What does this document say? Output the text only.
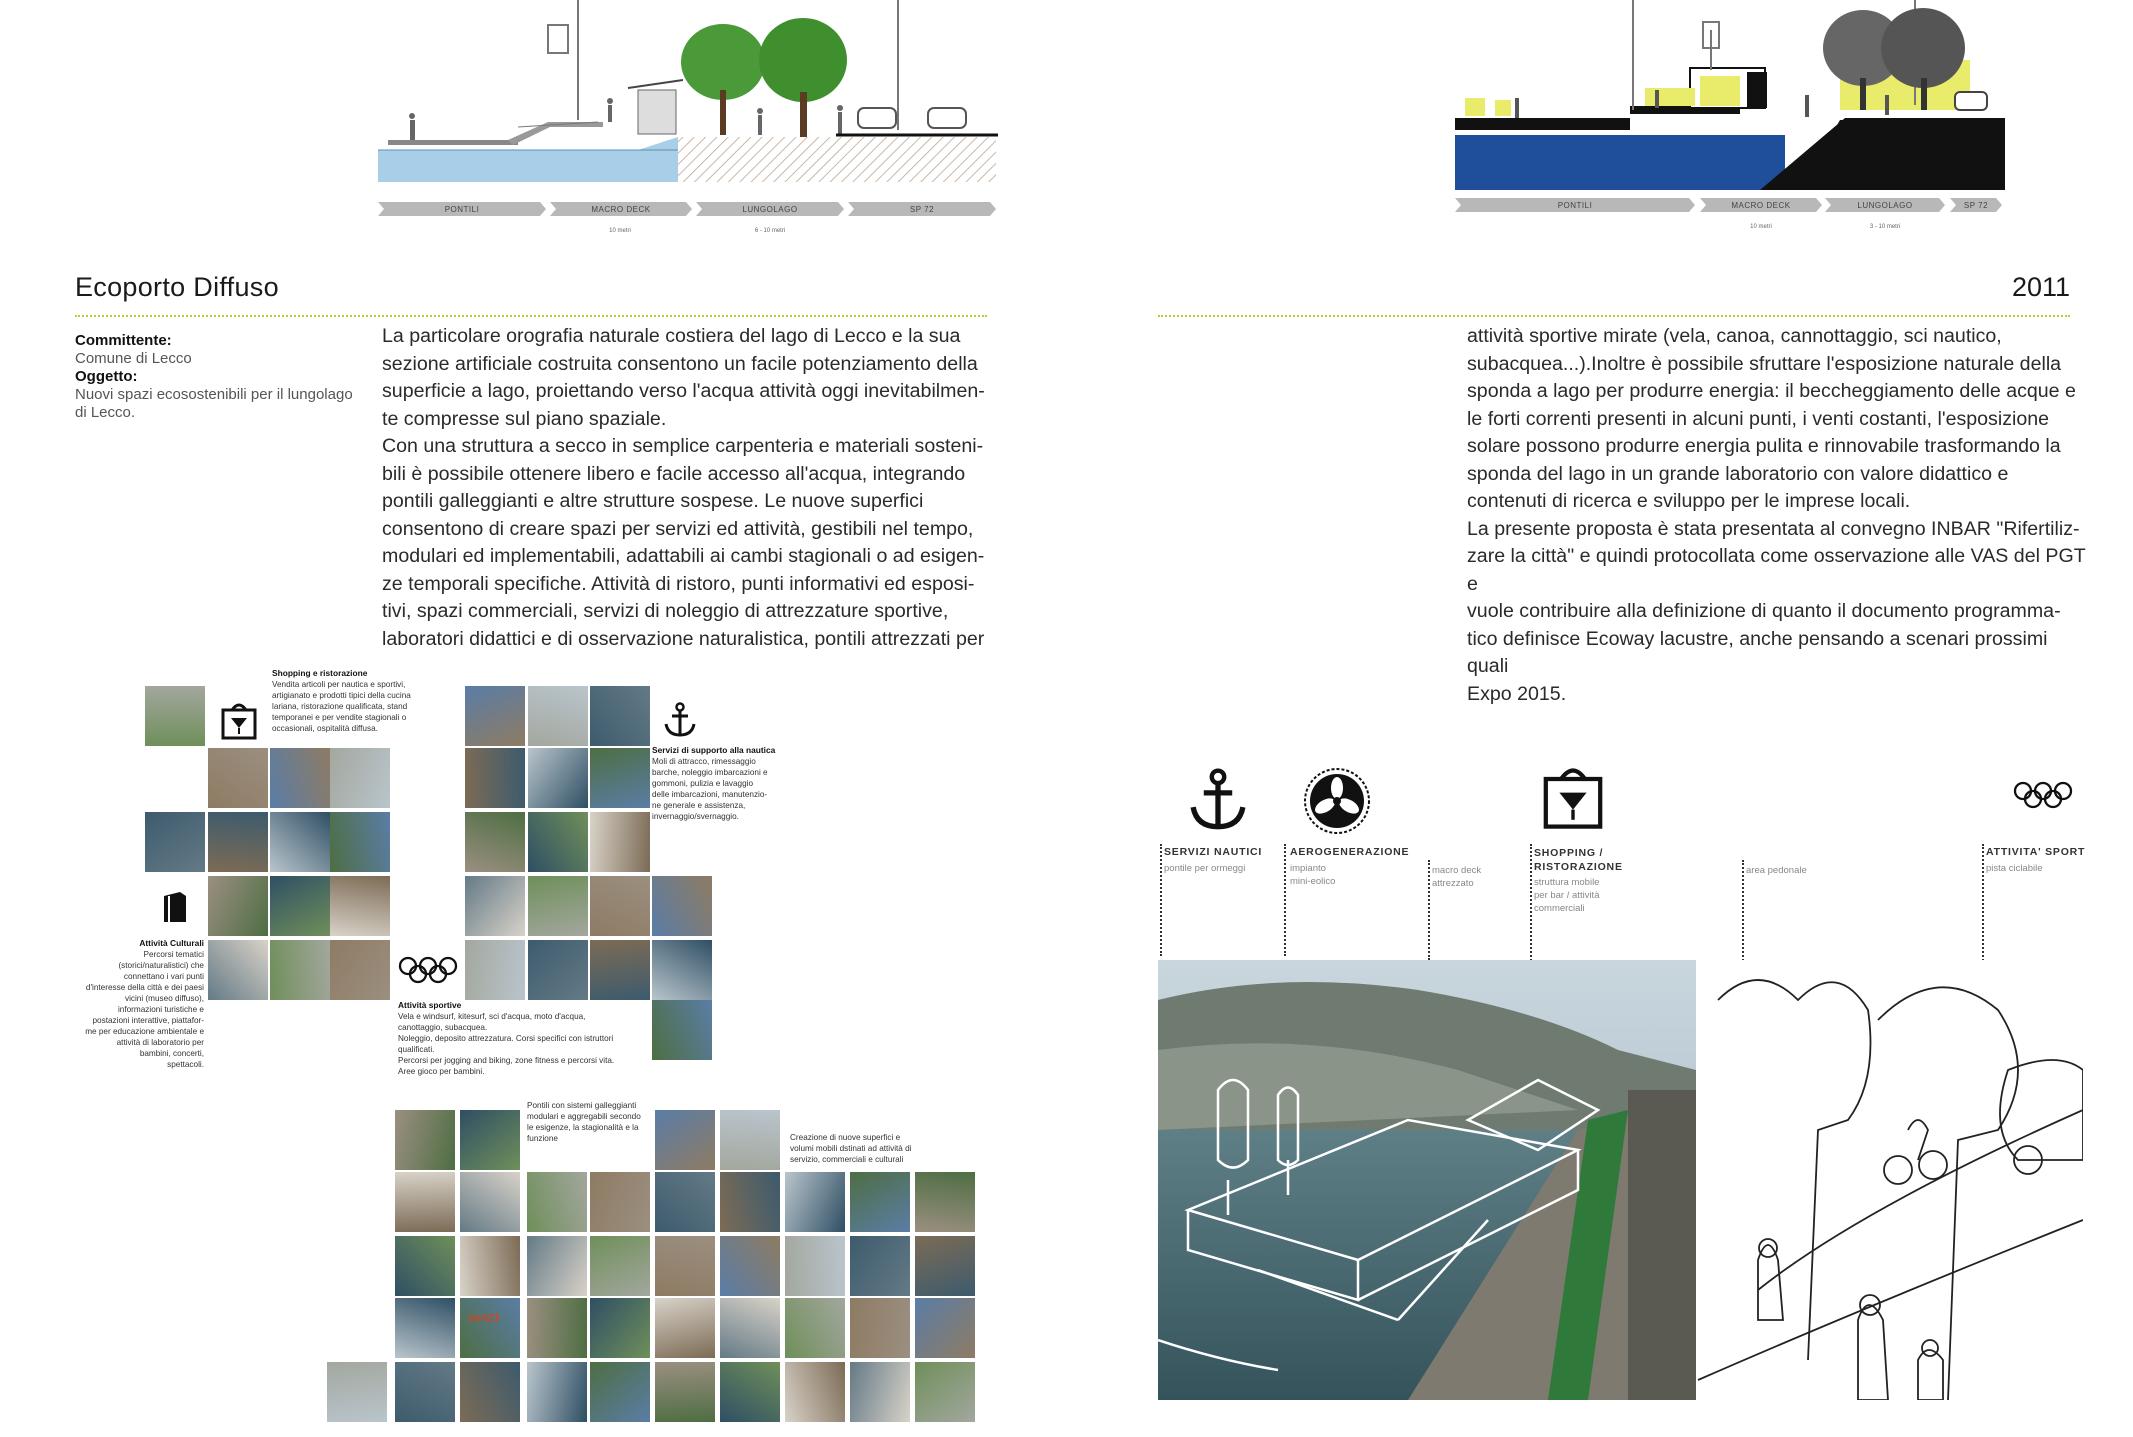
PONTILI	MACRO DECK	LUNGOLAGO	SP 72
10 metri	6 - 10 metri
Ecoporto Diffuso
Committente:
Comune di Lecco
Oggetto:
Nuovi spazi ecosostenibili per il lungolago
di Lecco.
La particolare orografia naturale costiera del lago di Lecco e la sua
sezione artificiale costruita consentono un facile potenziamento della
superficie a lago, proiettando verso l'acqua attività oggi inevitabilmen-
te compresse sul piano spaziale.
Con una struttura a secco in semplice carpenteria e materiali sosteni-
bili è possibile ottenere libero e facile accesso all'acqua, integrando
pontili galleggianti e altre strutture sospese. Le nuove superfici
consentono di creare spazi per servizi ed attività, gestibili nel tempo,
modulari ed implementabili, adattabili ai cambi stagionali o ad esigen-
ze temporali specifiche. Attività di ristoro, punti informativi ed esposi-
tivi, spazi commerciali, servizi di noleggio di attrezzature sportive,
laboratori didattici e di osservazione naturalistica, pontili attrezzati per
Shopping e ristorazione
Vendita articoli per nautica e sportivi,
artigianato e prodotti tipici della cucina
lariana, ristorazione qualificata, stand
temporanei e per vendite stagionali o
occasionali, ospitalità diffusa.
Servizi di supporto alla nautica
Moli di attracco, rimessaggio
barche, noleggio imbarcazioni e
gommoni, pulizia e lavaggio
delle imbarcazioni, manutenzio-
ne generale e assistenza,
invernaggio/svernaggio.
Attività Culturali
Percorsi tematici
(storici/naturalistici) che
connettano i vari punti
d'interesse della città e dei paesi
vicini (museo diffuso),
informazioni turistiche e
postazioni interattive, piattafor-
me per educazione ambientale e
attività di laboratorio per
bambini, concerti,
spettacoli.
Attività sportive
Vela e windsurf, kitesurf, sci d'acqua, moto d'acqua,
canottaggio, subacquea.
Noleggio, deposito attrezzatura. Corsi specifici con istruttori
qualificati.
Percorsi per jogging and biking, zone fitness e percorsi vita.
Aree gioco per bambini.
Pontili con sistemi galleggianti
modulari e aggregabili secondo
le esigenze, la stagionalità e la
funzione	Creazione di nuove superfici e
volumi mobili dstinati ad attività di
servizio, commerciali e culturali
sun21
PONTILI	MACRO DECK	LUNGOLAGO	SP 72
10 metri	3 - 10 metri
2011
attività sportive mirate (vela, canoa, cannottaggio, sci nautico,
subacquea...).Inoltre è possibile sfruttare l'esposizione naturale della
sponda a lago per produrre energia: il beccheggiamento delle acque e
le forti correnti presenti in alcuni punti, i venti costanti, l'esposizione
solare possono produrre energia pulita e rinnovabile trasformando la
sponda del lago in un grande laboratorio con valore didattico e
contenuti di ricerca e sviluppo per le imprese locali.
La presente proposta è stata presentata al convegno INBAR "Rifertiliz-
zare la città" e quindi protocollata come osservazione alle VAS del PGT e
vuole contribuire alla definizione di quanto il documento programma-
tico definisce Ecoway lacustre, anche pensando a scenari prossimi quali
Expo 2015.
SERVIZI NAUTICI
pontile per ormeggi
AEROGENERAZIONE
impianto
mini-eolico
macro deck
attrezzato
SHOPPING /
RISTORAZIONE
struttura mobile
per bar / attività
commerciali
area pedonale
ATTIVITA' SPORT
pista ciclabile
